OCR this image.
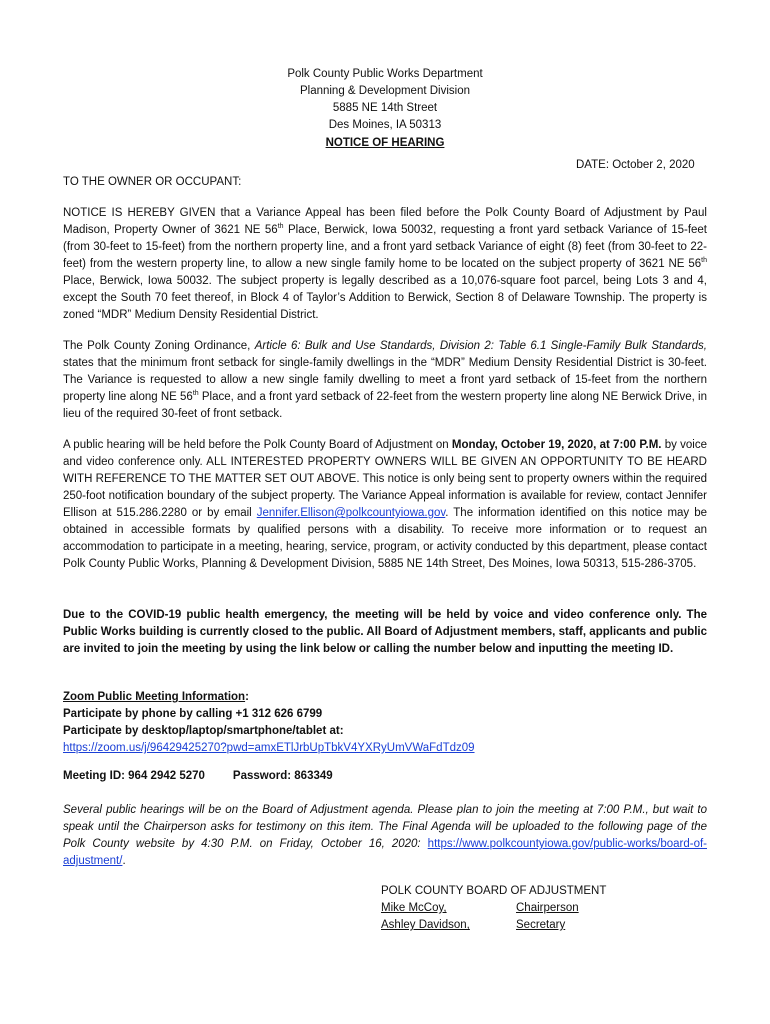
Polk County Public Works Department
Planning & Development Division
5885 NE 14th Street
Des Moines, IA 50313
NOTICE OF HEARING
DATE: October 2, 2020
TO THE OWNER OR OCCUPANT:

NOTICE IS HEREBY GIVEN that a Variance Appeal has been filed before the Polk County Board of Adjustment by Paul Madison, Property Owner of 3621 NE 56th Place, Berwick, Iowa 50032, requesting a front yard setback Variance of 15-feet (from 30-feet to 15-feet) from the northern property line, and a front yard setback Variance of eight (8) feet (from 30-feet to 22-feet) from the western property line, to allow a new single family home to be located on the subject property of 3621 NE 56th Place, Berwick, Iowa 50032. The subject property is legally described as a 10,076-square foot parcel, being Lots 3 and 4, except the South 70 feet thereof, in Block 4 of Taylor’s Addition to Berwick, Section 8 of Delaware Township. The property is zoned “MDR” Medium Density Residential District.

The Polk County Zoning Ordinance, Article 6: Bulk and Use Standards, Division 2: Table 6.1 Single-Family Bulk Standards, states that the minimum front setback for single-family dwellings in the “MDR” Medium Density Residential District is 30-feet. The Variance is requested to allow a new single family dwelling to meet a front yard setback of 15-feet from the northern property line along NE 56th Place, and a front yard setback of 22-feet from the western property line along NE Berwick Drive, in lieu of the required 30-feet of front setback.

A public hearing will be held before the Polk County Board of Adjustment on Monday, October 19, 2020, at 7:00 P.M. by voice and video conference only. ALL INTERESTED PROPERTY OWNERS WILL BE GIVEN AN OPPORTUNITY TO BE HEARD WITH REFERENCE TO THE MATTER SET OUT ABOVE. This notice is only being sent to property owners within the required 250-foot notification boundary of the subject property. The Variance Appeal information is available for review, contact Jennifer Ellison at 515.286.2280 or by email Jennifer.Ellison@polkcountyiowa.gov. The information identified on this notice may be obtained in accessible formats by qualified persons with a disability. To receive more information or to request an accommodation to participate in a meeting, hearing, service, program, or activity conducted by this department, please contact Polk County Public Works, Planning & Development Division, 5885 NE 14th Street, Des Moines, Iowa 50313, 515-286-3705.

Due to the COVID-19 public health emergency, the meeting will be held by voice and video conference only. The Public Works building is currently closed to the public. All Board of Adjustment members, staff, applicants and public are invited to join the meeting by using the link below or calling the number below and inputting the meeting ID.

Zoom Public Meeting Information:
Participate by phone by calling +1 312 626 6799
Participate by desktop/laptop/smartphone/tablet at:
https://zoom.us/j/96429425270?pwd=amxETlJrbUpTbkV4YXRyUmVWaFdTdz09
Meeting ID: 964 2942 5270 Password: 863349

Several public hearings will be on the Board of Adjustment agenda. Please plan to join the meeting at 7:00 P.M., but wait to speak until the Chairperson asks for testimony on this item. The Final Agenda will be uploaded to the following page of the Polk County website by 4:30 P.M. on Friday, October 16, 2020: https://www.polkcountyiowa.gov/public-works/board-of-adjustment/.

POLK COUNTY BOARD OF ADJUSTMENT
Mike McCoy,	Chairperson
Ashley Davidson,	Secretary
